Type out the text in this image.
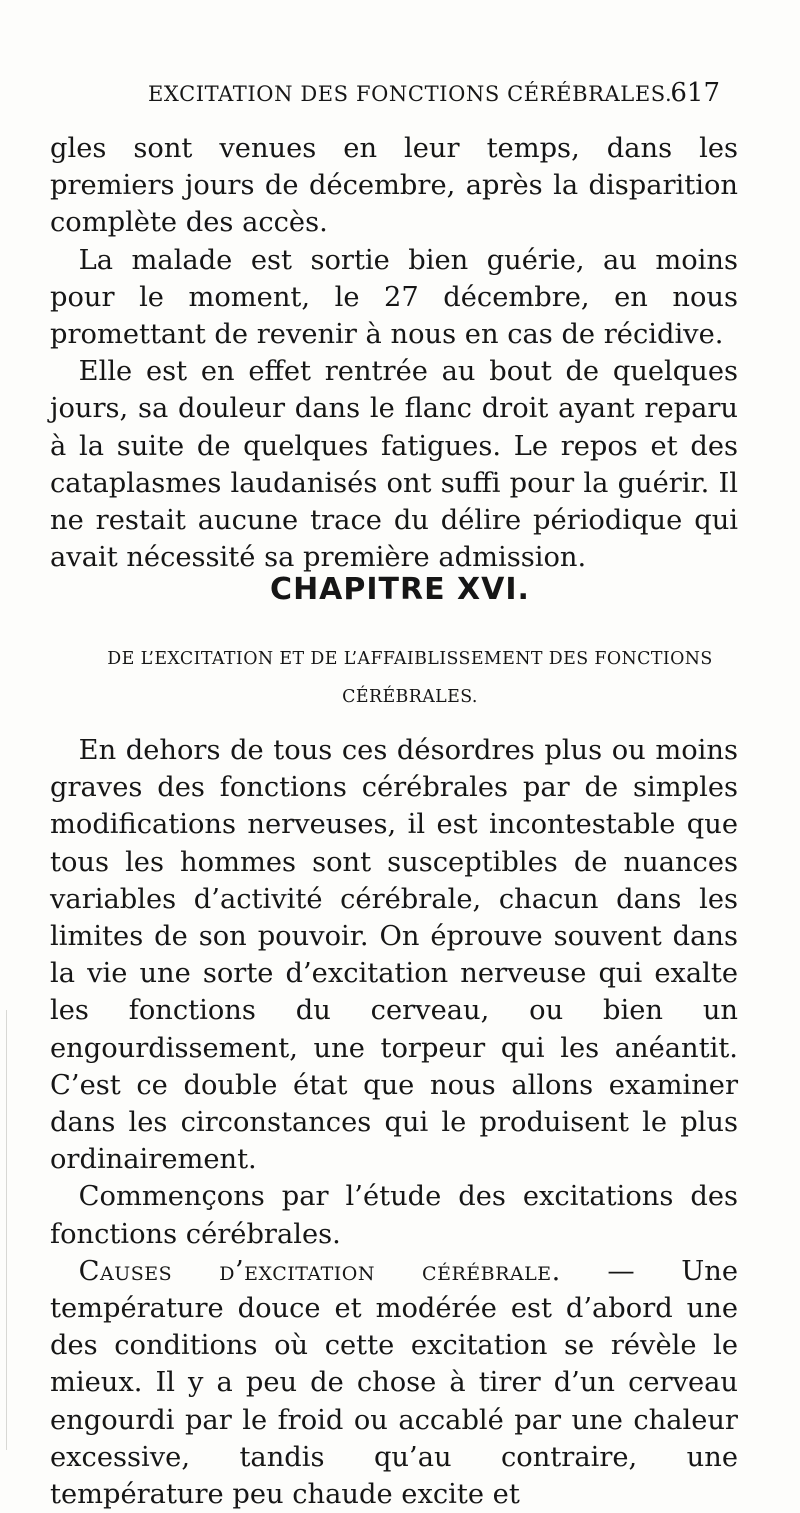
EXCITATION DES FONCTIONS CÉRÉBRALES.
617

gles sont venues en leur temps, dans les premiers jours de décembre, après la disparition complète des accès.

La malade est sortie bien guérie, au moins pour le moment, le 27 décembre, en nous promettant de revenir à nous en cas de récidive.

Elle est en effet rentrée au bout de quelques jours, sa douleur dans le flanc droit ayant reparu à la suite de quelques fatigues. Le repos et des cataplasmes laudanisés ont suffi pour la guérir. Il ne restait aucune trace du délire périodique qui avait nécessité sa première admission.

CHAPITRE XVI.
DE L’EXCITATION ET DE L’AFFAIBLISSEMENT DES FONCTIONS
CÉRÉBRALES.

En dehors de tous ces désordres plus ou moins graves des fonctions cérébrales par de simples modifications nerveuses, il est incontestable que tous les hommes sont susceptibles de nuances variables d’activité cérébrale, chacun dans les limites de son pouvoir. On éprouve souvent dans la vie une sorte d’excitation nerveuse qui exalte les fonctions du cerveau, ou bien un engourdissement, une torpeur qui les anéantit. C’est ce double état que nous allons examiner dans les circonstances qui le produisent le plus ordinairement.

Commençons par l’étude des excitations des fonctions cérébrales.

Causes d’excitation cérébrale. — Une température douce et modérée est d’abord une des conditions où cette excitation se révèle le mieux. Il y a peu de chose à tirer d’un cerveau engourdi par le froid ou accablé par une chaleur excessive, tandis qu’au contraire, une température peu chaude excite et
